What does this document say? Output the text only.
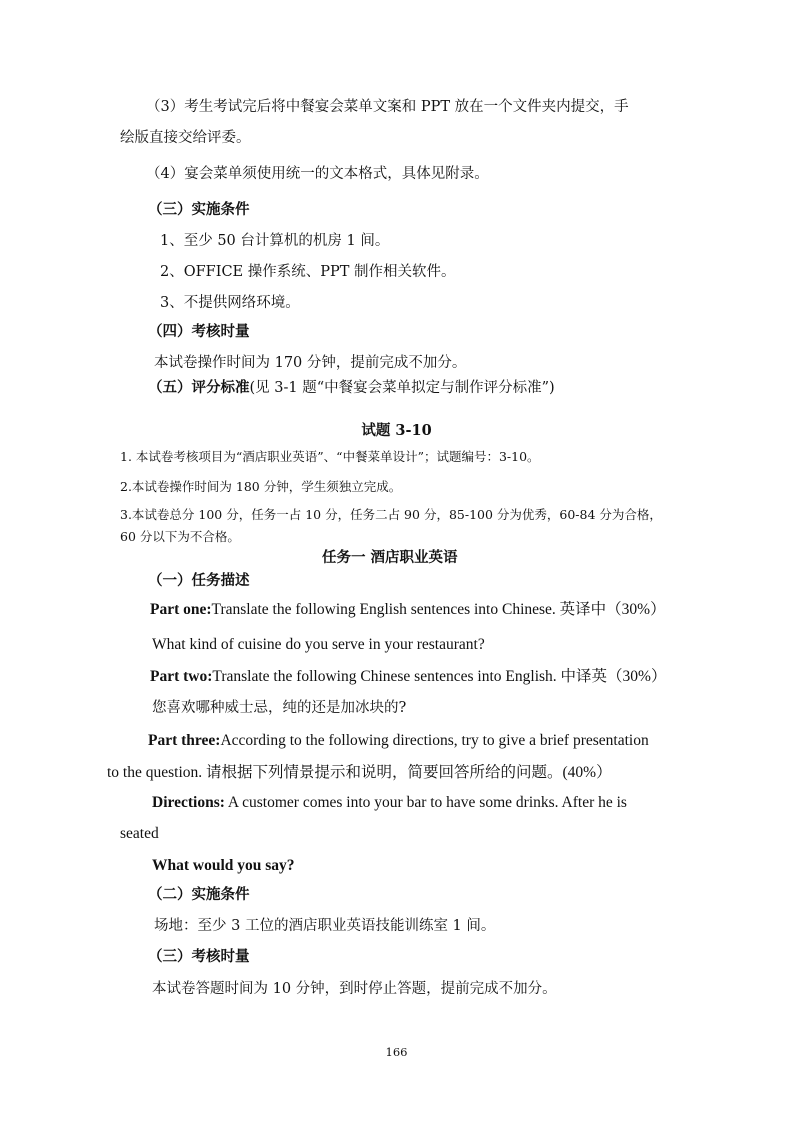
（3）考生考试完后将中餐宴会菜单文案和 PPT 放在一个文件夹内提交，手
绘版直接交给评委。
（4）宴会菜单须使用统一的文本格式，具体见附录。
（三）实施条件
1、至少 50 台计算机的机房 1 间。
2、OFFICE 操作系统、PPT 制作相关软件。
3、不提供网络环境。
（四）考核时量
本试卷操作时间为 170 分钟，提前完成不加分。
（五）评分标准(见 3-1 题“中餐宴会菜单拟定与制作评分标准”)
试题 3-10
1. 本试卷考核项目为“酒店职业英语”、“中餐菜单设计”；试题编号：3-10。
2.本试卷操作时间为 180 分钟，学生须独立完成。
3.本试卷总分 100 分，任务一占 10 分，任务二占 90 分，85-100 分为优秀，60-84 分为合格，
60 分以下为不合格。
任务一 酒店职业英语
（一）任务描述
Part one:Translate the following English sentences into Chinese. 英译中（30%）
What kind of cuisine do you serve in your restaurant?
Part two:Translate the following Chinese sentences into English. 中译英（30%）
您喜欢哪种威士忌，纯的还是加冰块的?
Part three:According to the following directions, try to give a brief presentation
to the question. 请根据下列情景提示和说明，简要回答所给的问题。(40%）
Directions: A customer comes into your bar to have some drinks. After he is
seated
What would you say?
（二）实施条件
场地：至少 3 工位的酒店职业英语技能训练室 1 间。
（三）考核时量
本试卷答题时间为 10 分钟，到时停止答题，提前完成不加分。
166
